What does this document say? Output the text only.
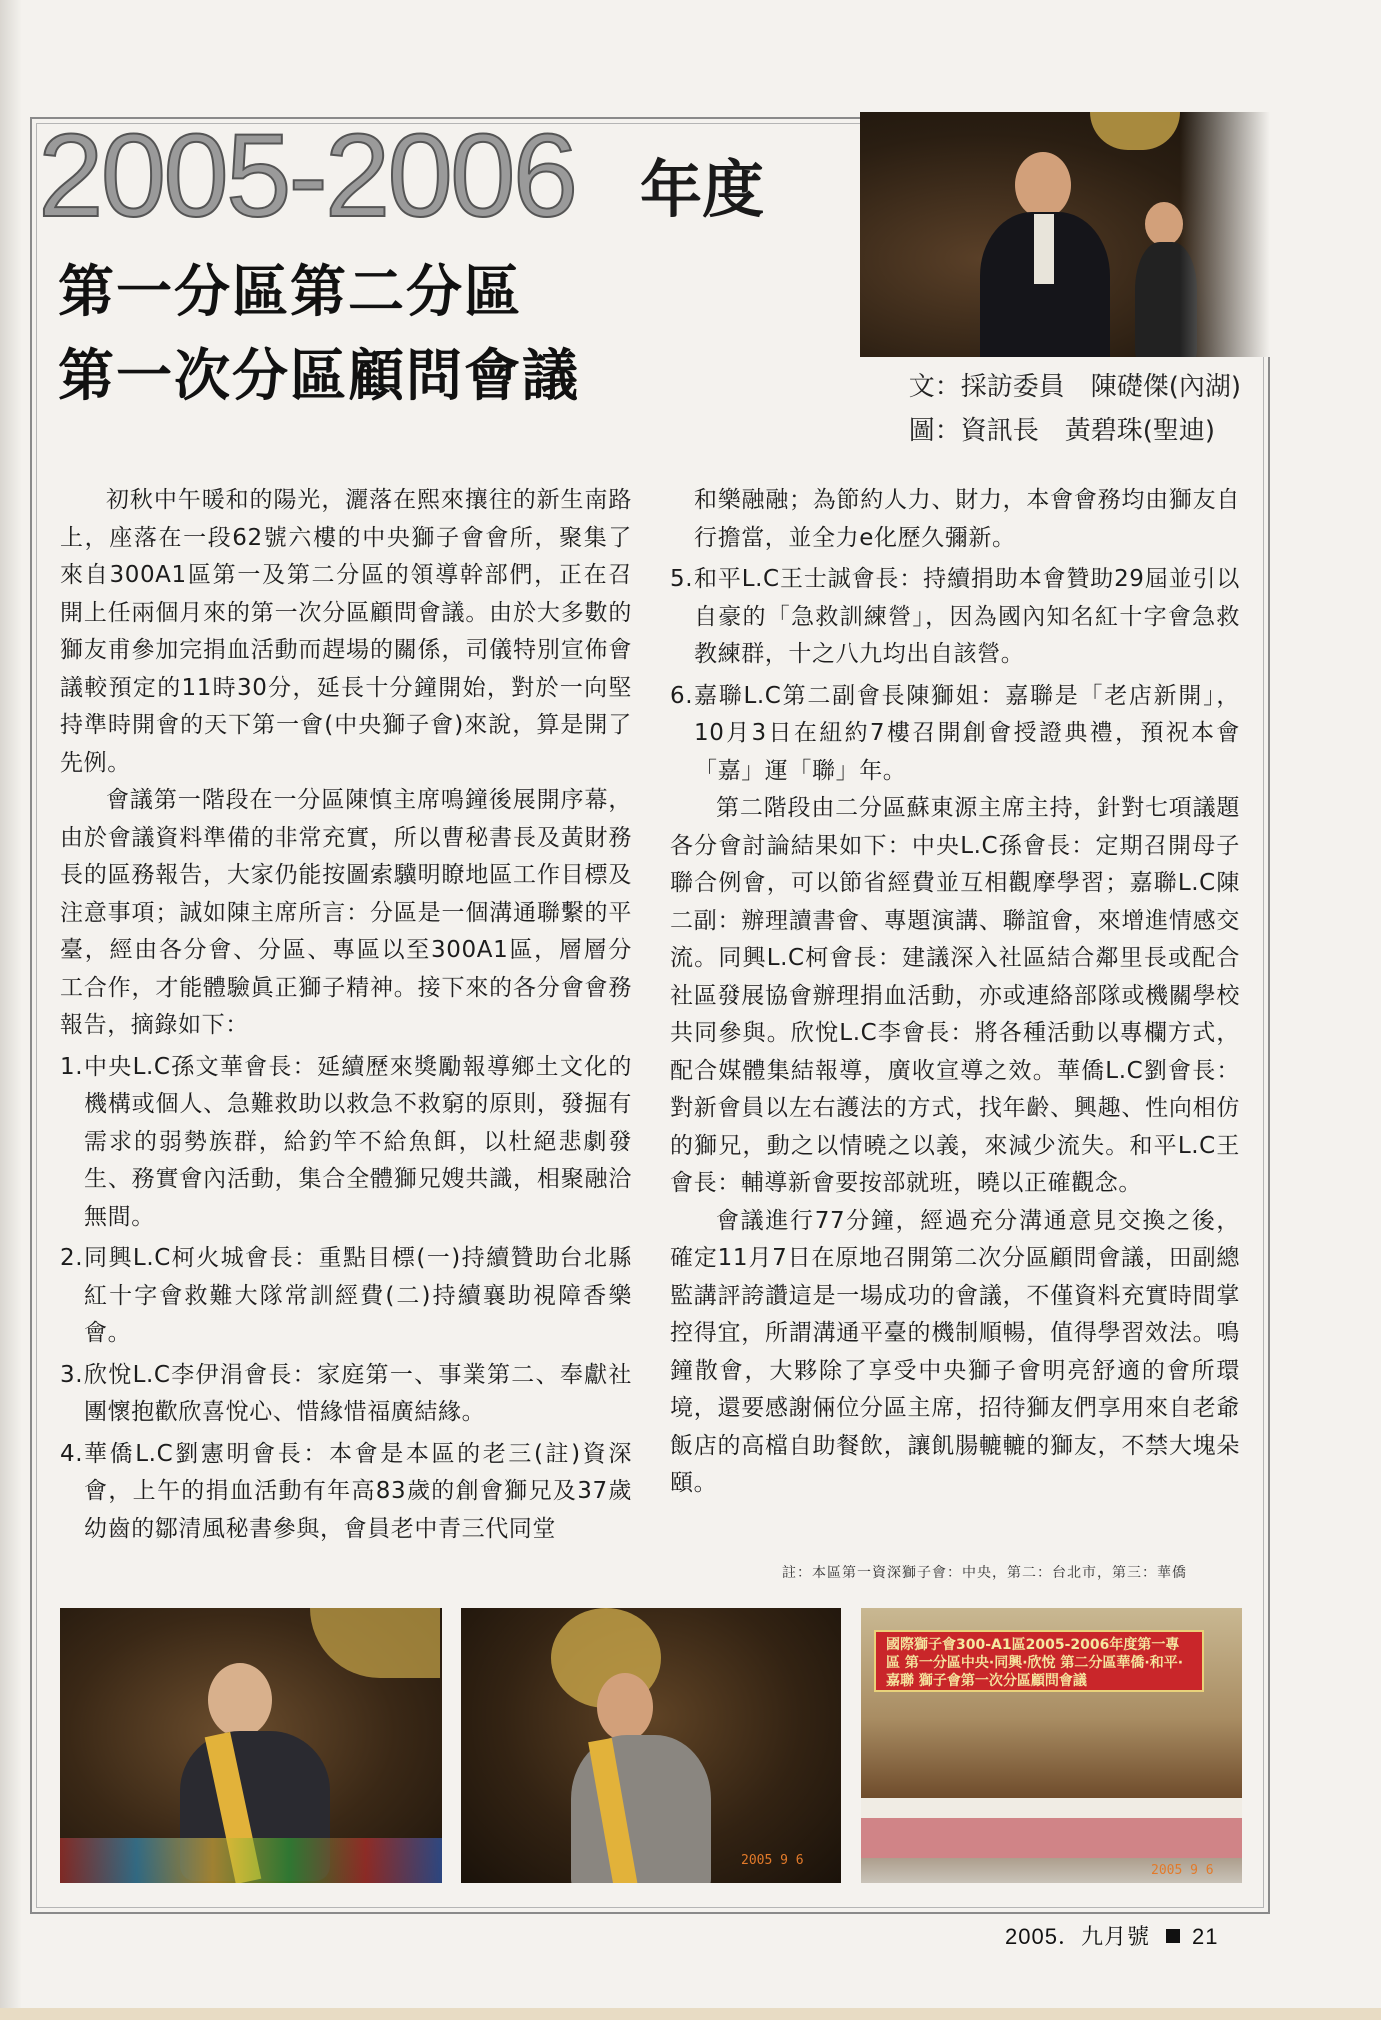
2005-2006 年度
第一分區第二分區
第一次分區顧問會議	文：採訪委員　陳礎傑(內湖)
圖：資訊長　黃碧珠(聖迪)

初秋中午暖和的陽光，灑落在熙來攘往的新生南路上，座落在一段62號六樓的中央獅子會會所，聚集了來自300A1區第一及第二分區的領導幹部們，正在召開上任兩個月來的第一次分區顧問會議。由於大多數的獅友甫參加完捐血活動而趕場的關係，司儀特別宣佈會議較預定的11時30分，延長十分鐘開始，對於一向堅持準時開會的天下第一會(中央獅子會)來說，算是開了先例。

會議第一階段在一分區陳慎主席鳴鐘後展開序幕，由於會議資料準備的非常充實，所以曹秘書長及黃財務長的區務報告，大家仍能按圖索驥明瞭地區工作目標及注意事項；誠如陳主席所言：分區是一個溝通聯繫的平臺，經由各分會、分區、專區以至300A1區，層層分工合作，才能體驗眞正獅子精神。接下來的各分會會務報告，摘錄如下：

1. 中央L.C孫文華會長：延續歷來獎勵報導鄉土文化的機構或個人、急難救助以救急不救窮的原則，發掘有需求的弱勢族群，給釣竿不給魚餌，以杜絕悲劇發生、務實會內活動，集合全體獅兄嫂共識，相聚融洽無間。
2. 同興L.C柯火城會長：重點目標(一)持續贊助台北縣紅十字會救難大隊常訓經費(二)持續襄助視障香樂會。
3. 欣悅L.C李伊涓會長：家庭第一、事業第二、奉獻社團懷抱歡欣喜悅心、惜緣惜福廣結緣。
4. 華僑L.C劉憲明會長：本會是本區的老三(註)資深會，上午的捐血活動有年高83歲的創會獅兄及37歲幼齒的鄒清風秘書參與，會員老中青三代同堂

和樂融融；為節約人力、財力，本會會務均由獅友自行擔當，並全力e化歷久彌新。

5. 和平L.C王士誠會長：持續捐助本會贊助29屆並引以自豪的「急救訓練營」，因為國內知名紅十字會急救教練群，十之八九均出自該營。
6. 嘉聯L.C第二副會長陳獅姐：嘉聯是「老店新開」，10月3日在紐約7樓召開創會授證典禮，預祝本會「嘉」運「聯」年。

第二階段由二分區蘇東源主席主持，針對七項議題各分會討論結果如下：中央L.C孫會長：定期召開母子聯合例會，可以節省經費並互相觀摩學習；嘉聯L.C陳二副：辦理讀書會、專題演講、聯誼會，來增進情感交流。同興L.C柯會長：建議深入社區結合鄰里長或配合社區發展協會辦理捐血活動，亦或連絡部隊或機關學校共同參與。欣悅L.C李會長：將各種活動以專欄方式，配合媒體集結報導，廣收宣導之效。華僑L.C劉會長：對新會員以左右護法的方式，找年齡、興趣、性向相仿的獅兄，動之以情曉之以義，來減少流失。和平L.C王會長：輔導新會要按部就班，曉以正確觀念。

會議進行77分鐘，經過充分溝通意見交換之後，確定11月7日在原地召開第二次分區顧問會議，田副總監講評誇讚這是一場成功的會議，不僅資料充實時間掌控得宜，所謂溝通平臺的機制順暢，值得學習效法。鳴鐘散會，大夥除了享受中央獅子會明亮舒適的會所環境，還要感謝倆位分區主席，招待獅友們享用來自老爺飯店的高檔自助餐飲，讓飢腸轆轆的獅友，不禁大塊朵頤。

註：本區第一資深獅子會：中央，第二：台北市，第三：華僑
2005 9 6
2005 9 6
國際獅子會300-A1區2005-2006年度第一專區 第一分區中央·同興·欣悅 第二分區華僑·和平·嘉聯 獅子會第一次分區顧問會議
2005．九月號 21
